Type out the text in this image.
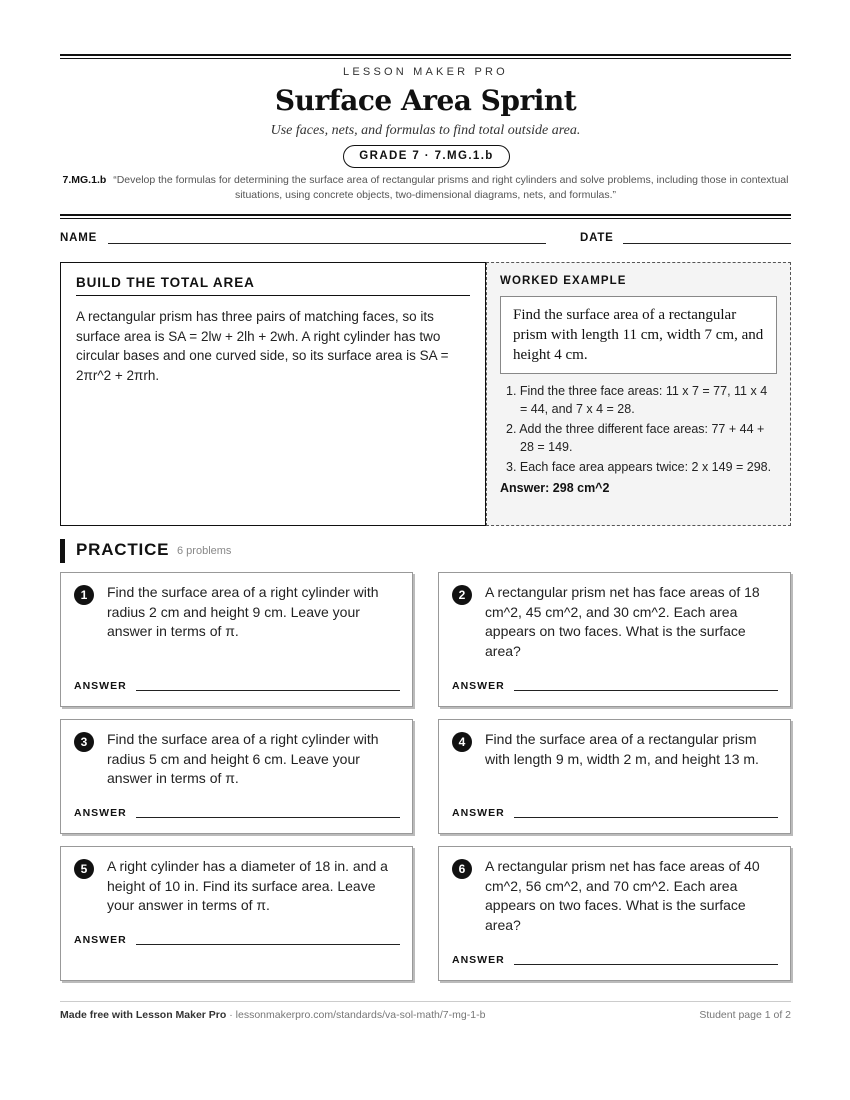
LESSON MAKER PRO
Surface Area Sprint
Use faces, nets, and formulas to find total outside area.
GRADE 7 · 7.MG.1.b
7.MG.1.b “Develop the formulas for determining the surface area of rectangular prisms and right cylinders and solve problems, including those in contextual situations, using concrete objects, two-dimensional diagrams, nets, and formulas.”
NAME	DATE
BUILD THE TOTAL AREA
A rectangular prism has three pairs of matching faces, so its surface area is SA = 2lw + 2lh + 2wh. A right cylinder has two circular bases and one curved side, so its surface area is SA = 2πr^2 + 2πrh.
WORKED EXAMPLE
Find the surface area of a rectangular prism with length 11 cm, width 7 cm, and height 4 cm.
1. Find the three face areas: 11 x 7 = 77, 11 x 4 = 44, and 7 x 4 = 28.
2. Add the three different face areas: 77 + 44 + 28 = 149.
3. Each face area appears twice: 2 x 149 = 298.
Answer: 298 cm^2
PRACTICE 6 problems
1	Find the surface area of a right cylinder with radius 2 cm and height 9 cm. Leave your answer in terms of π.
ANSWER
2	A rectangular prism net has face areas of 18 cm^2, 45 cm^2, and 30 cm^2. Each area appears on two faces. What is the surface area?
ANSWER
3	Find the surface area of a right cylinder with radius 5 cm and height 6 cm. Leave your answer in terms of π.
ANSWER
4	Find the surface area of a rectangular prism with length 9 m, width 2 m, and height 13 m.
ANSWER
5	A right cylinder has a diameter of 18 in. and a height of 10 in. Find its surface area. Leave your answer in terms of π.
ANSWER
6	A rectangular prism net has face areas of 40 cm^2, 56 cm^2, and 70 cm^2. Each area appears on two faces. What is the surface area?
ANSWER
Made free with Lesson Maker Pro · lessonmakerpro.com/standards/va-sol-math/7-mg-1-b	Student page 1 of 2
